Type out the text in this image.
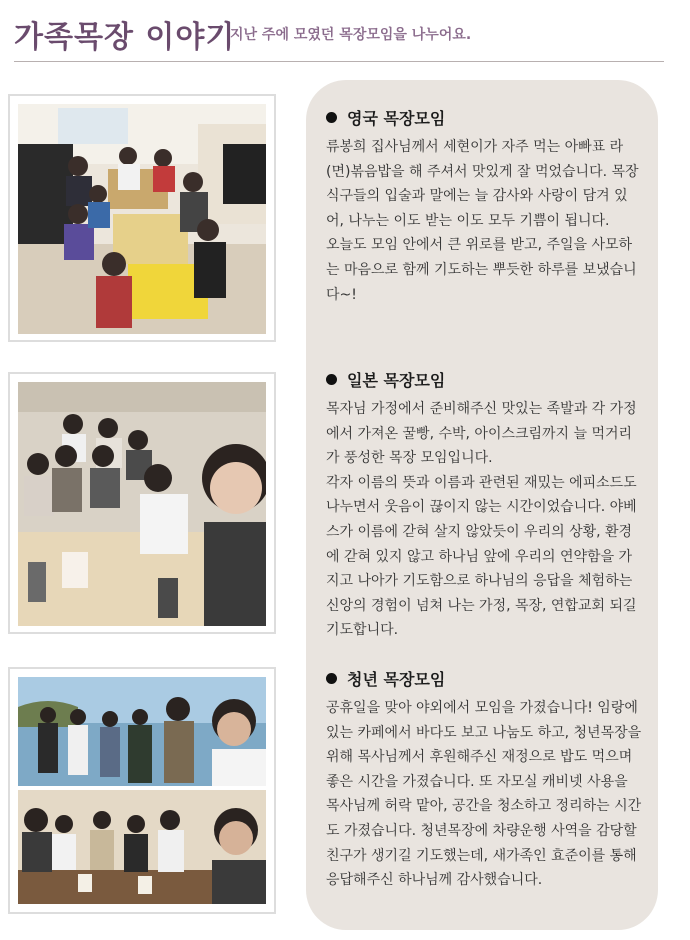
가족목장 이야기
지난 주에 모였던 목장모임을 나누어요.
영국 목장모임

류봉희 집사님께서 세현이가 자주 먹는 아빠표 라(면)볶음밥을 해 주셔서 맛있게 잘 먹었습니다. 목장 식구들의 입술과 말에는 늘 감사와 사랑이 담겨 있어, 나누는 이도 받는 이도 모두 기쁨이 됩니다.

오늘도 모임 안에서 큰 위로를 받고, 주일을 사모하는 마음으로 함께 기도하는 뿌듯한 하루를 보냈습니다~!

일본 목장모임

목자님 가정에서 준비해주신 맛있는 족발과 각 가정에서 가져온 꿀빵, 수박, 아이스크림까지 늘 먹거리가 풍성한 목장 모임입니다.

각자 이름의 뜻과 이름과 관련된 재밌는 에피소드도 나누면서 웃음이 끊이지 않는 시간이었습니다. 야베스가 이름에 갇혀 살지 않았듯이 우리의 상황, 환경에 갇혀 있지 않고 하나님 앞에 우리의 연약함을 가지고 나아가 기도함으로 하나님의 응답을 체험하는 신앙의 경험이 넘쳐 나는 가정, 목장, 연합교회 되길 기도합니다.

청년 목장모임

공휴일을 맞아 야외에서 모임을 가졌습니다! 임랑에 있는 카페에서 바다도 보고 나눔도 하고, 청년목장을 위해 목사님께서 후원해주신 재정으로 밥도 먹으며 좋은 시간을 가졌습니다. 또 자모실 캐비넷 사용을 목사님께 허락 맡아, 공간을 청소하고 정리하는 시간도 가졌습니다. 청년목장에 차량운행 사역을 감당할 친구가 생기길 기도했는데, 새가족인 효준이를 통해 응답해주신 하나님께 감사했습니다.
